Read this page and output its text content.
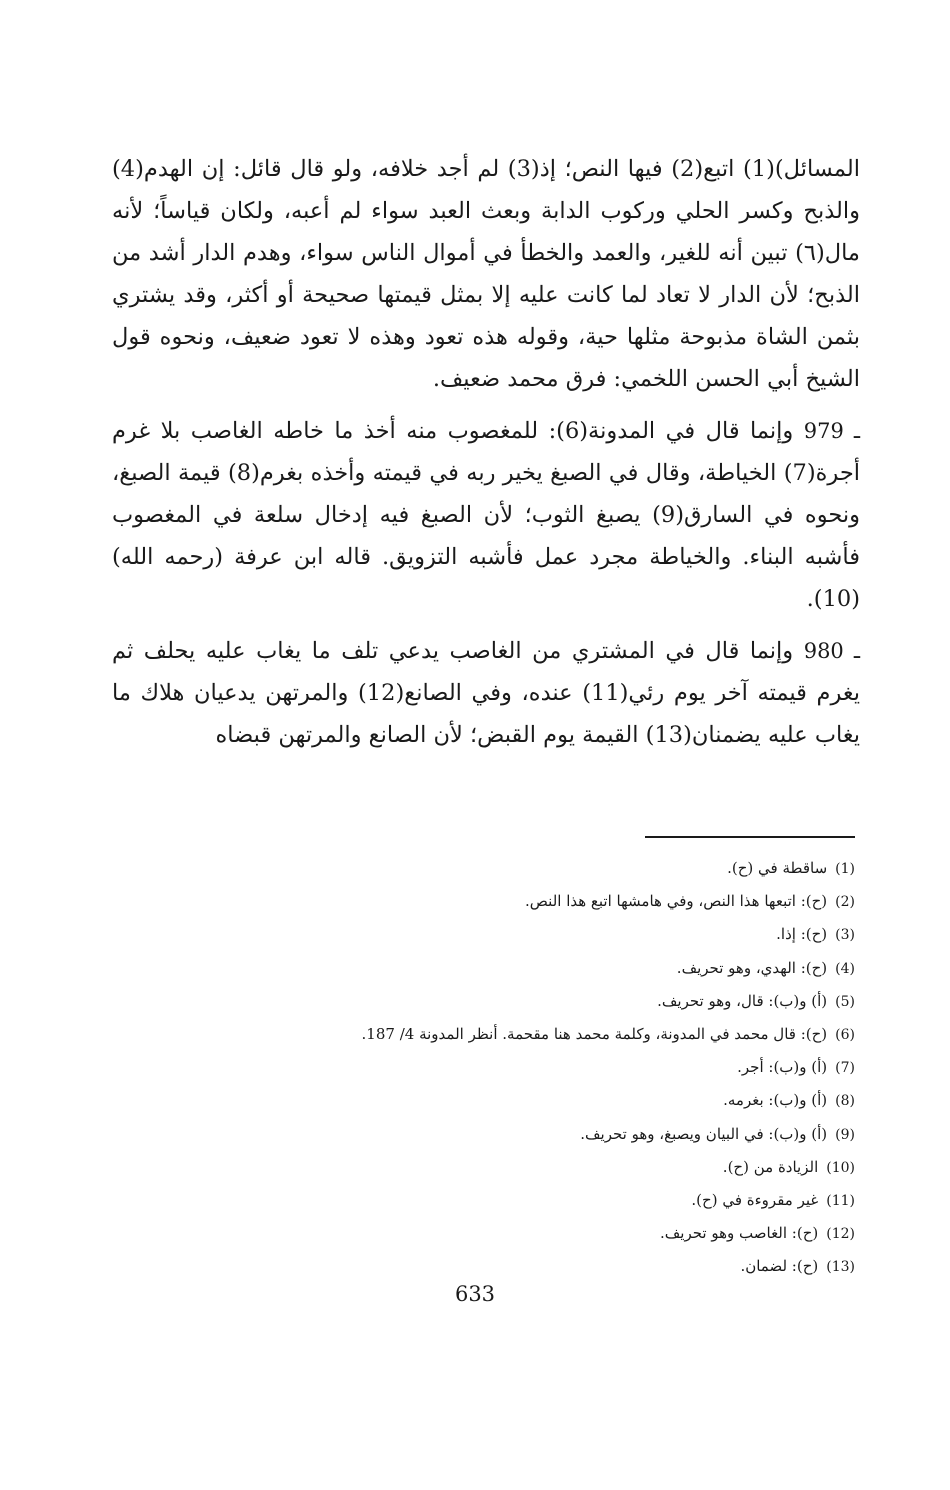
المسائل)(1) اتبع(2) فيها النص؛ إذ(3) لم أجد خلافه، ولو قال قائل: إن الهدم(4) والذبح وكسر الحلي وركوب الدابة وبعث العبد سواء لم أعبه، ولكان قياساً؛ لأنه مال(٦) تبين أنه للغير، والعمد والخطأ في أموال الناس سواء، وهدم الدار أشد من الذبح؛ لأن الدار لا تعاد لما كانت عليه إلا بمثل قيمتها صحيحة أو أكثر، وقد يشتري بثمن الشاة مذبوحة مثلها حية، وقوله هذه تعود وهذه لا تعود ضعيف، ونحوه قول الشيخ أبي الحسن اللخمي: فرق محمد ضعيف.

979 ـ وإنما قال في المدونة(6): للمغصوب منه أخذ ما خاطه الغاصب بلا غرم أجرة(7) الخياطة، وقال في الصبغ يخير ربه في قيمته وأخذه بغرم(8) قيمة الصبغ، ونحوه في السارق(9) يصبغ الثوب؛ لأن الصبغ فيه إدخال سلعة في المغصوب فأشبه البناء. والخياطة مجرد عمل فأشبه التزويق. قاله ابن عرفة (رحمه الله)(10).

980 ـ وإنما قال في المشتري من الغاصب يدعي تلف ما يغاب عليه يحلف ثم يغرم قيمته آخر يوم رئي(11) عنده، وفي الصانع(12) والمرتهن يدعيان هلاك ما يغاب عليه يضمنان(13) القيمة يوم القبض؛ لأن الصانع والمرتهن قبضاه

(1)ساقطة في (ح).
(2)(ح): اتبعها هذا النص، وفي هامشها اتبع هذا النص.
(3)(ح): إذا.
(4)(ح): الهدي، وهو تحريف.
(5)(أ) و(ب): قال، وهو تحريف.
(6)(ح): قال محمد في المدونة، وكلمة محمد هنا مقحمة. أنظر المدونة 4/ 187.
(7)(أ) و(ب): أجر.
(8)(أ) و(ب): بغرمه.
(9)(أ) و(ب): في البيان ويصبغ، وهو تحريف.
(10)الزيادة من (ح).
(11)غير مقروءة في (ح).
(12)(ح): الغاصب وهو تحريف.
(13)(ح): لضمان.
633
